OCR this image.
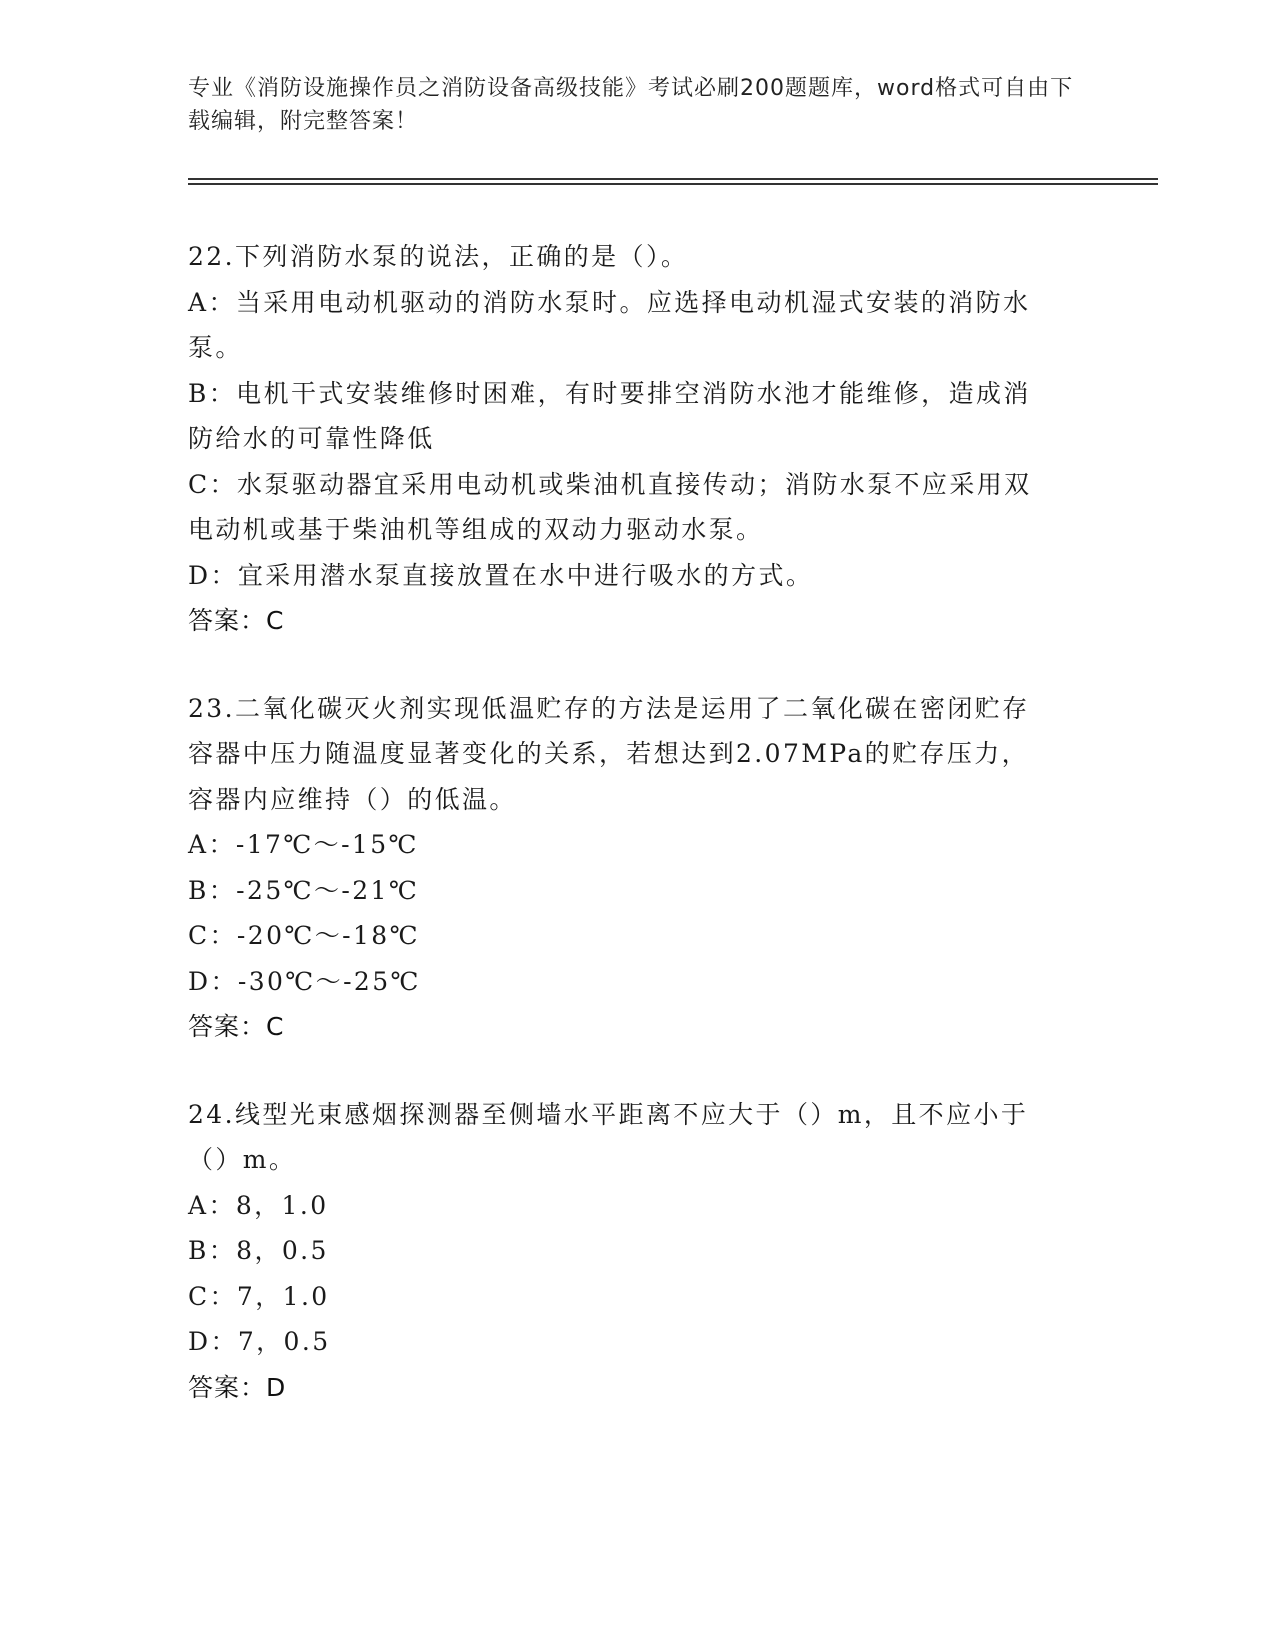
专业《消防设施操作员之消防设备高级技能》考试必刷200题题库，word格式可自由下载编辑，附完整答案！
22.下列消防水泵的说法，正确的是（）。
A：当采用电动机驱动的消防水泵时。应选择电动机湿式安装的消防水
泵。
B：电机干式安装维修时困难，有时要排空消防水池才能维修，造成消
防给水的可靠性降低
C：水泵驱动器宜采用电动机或柴油机直接传动；消防水泵不应采用双
电动机或基于柴油机等组成的双动力驱动水泵。
D：宜采用潜水泵直接放置在水中进行吸水的方式。
答案：C
23.二氧化碳灭火剂实现低温贮存的方法是运用了二氧化碳在密闭贮存
容器中压力随温度显著变化的关系，若想达到2.07MPa的贮存压力，
容器内应维持（）的低温。
A：-17℃～-15℃
B：-25℃～-21℃
C：-20℃～-18℃
D：-30℃～-25℃
答案：C
24.线型光束感烟探测器至侧墙水平距离不应大于（）m，且不应小于
（）m。
A：8，1.0
B：8，0.5
C：7，1.0
D：7，0.5
答案：D
